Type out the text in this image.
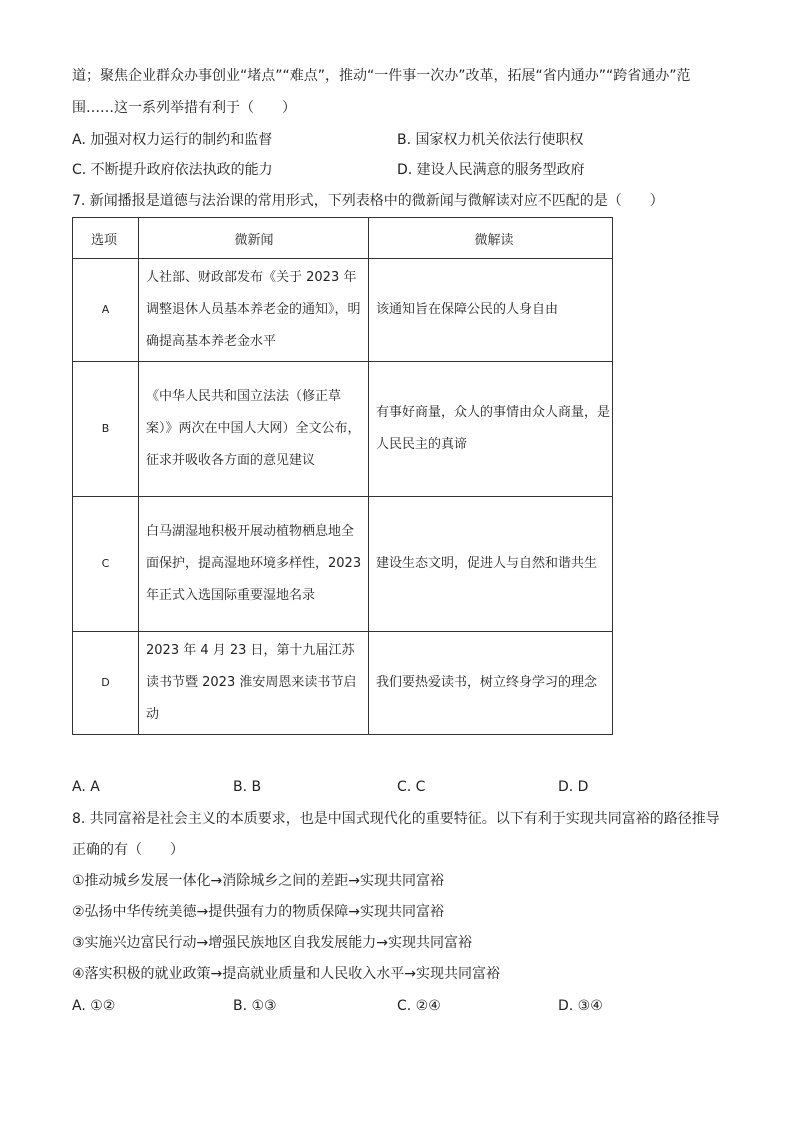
道；聚焦企业群众办事创业“堵点”“难点”，推动“一件事一次办”改革，拓展“省内通办”“跨省通办”范
围……这一系列举措有利于（　　）
A. 加强对权力运行的制约和监督	B. 国家权力机关依法行使职权
C. 不断提升政府依法执政的能力	D. 建设人民满意的服务型政府
7. 新闻播报是道德与法治课的常用形式，下列表格中的微新闻与微解读对应不匹配的是（　　）
选项	微新闻	微解读

A	人社部、财政部发布《关于 2023 年调整退休人员基本养老金的通知》，明确提高基本养老金水平	该通知旨在保障公民的人身自由

B	《中华人民共和国立法法（修正草案）》两次在中国人大网）全文公布，征求并吸收各方面的意见建议	有事好商量，众人的事情由众人商量，是人民民主的真谛

C	白马湖湿地积极开展动植物栖息地全面保护，提高湿地环境多样性，2023 年正式入选国际重要湿地名录	建设生态文明，促进人与自然和谐共生

D	2023 年 4 月 23 日，第十九届江苏读书节暨 2023 淮安周恩来读书节启动	我们要热爱读书，树立终身学习的理念
A. A	B. B	C. C	D. D
8. 共同富裕是社会主义的本质要求，也是中国式现代化的重要特征。以下有利于实现共同富裕的路径推导
正确的有（　　）
①推动城乡发展一体化→消除城乡之间的差距→实现共同富裕
②弘扬中华传统美德→提供强有力的物质保障→实现共同富裕
③实施兴边富民行动→增强民族地区自我发展能力→实现共同富裕
④落实积极的就业政策→提高就业质量和人民收入水平→实现共同富裕
A. ①②	B. ①③	C. ②④	D. ③④
